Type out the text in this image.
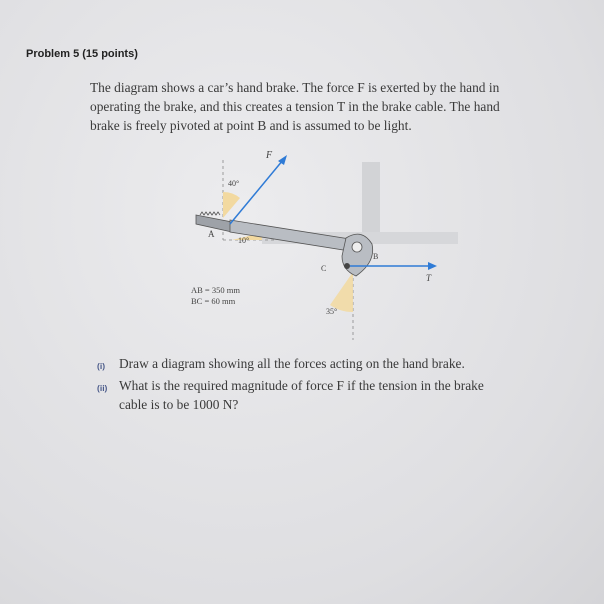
Problem 5 (15 points)

The diagram shows a car’s hand brake. The force F is exerted by the hand in
operating the brake, and this creates a tension T in the brake cable. The hand
brake is freely pivoted at point B and is assumed to be light.

F
40°
A
10°
B
C
T
35°
AB = 350 mm
BC = 60 mm
(i)	Draw a diagram showing all the forces acting on the hand brake.
(ii) What is the required magnitude of force F if the tension in the brake
cable is to be 1000 N?
